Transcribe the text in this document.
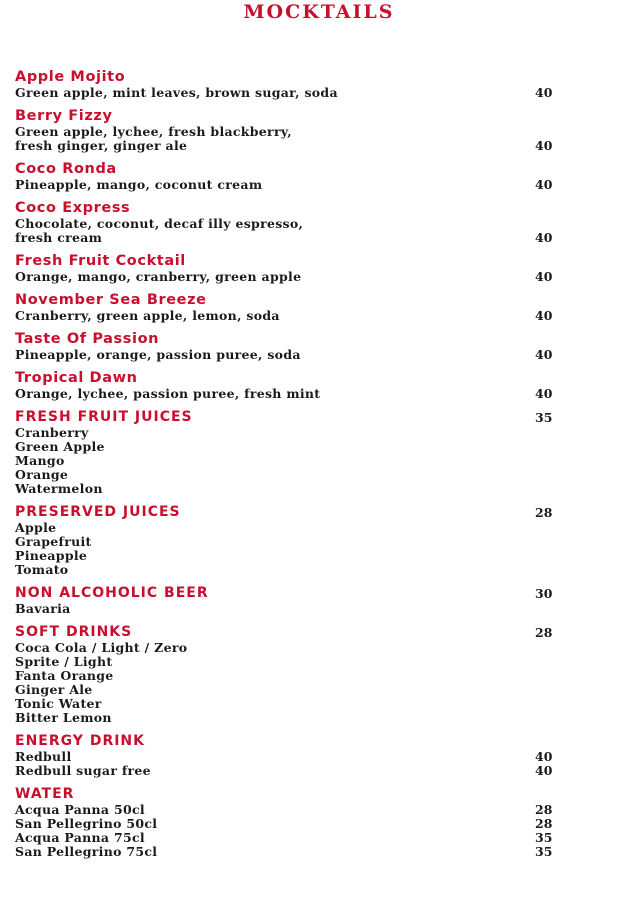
MOCKTAILS
Apple Mojito
Green apple, mint leaves, brown sugar, soda	40
Berry Fizzy
Green apple, lychee, fresh blackberry,
fresh ginger, ginger ale	40
Coco Ronda
Pineapple, mango, coconut cream	40
Coco Express
Chocolate, coconut, decaf illy espresso,
fresh cream	40
Fresh Fruit Cocktail
Orange, mango, cranberry, green apple	40
November Sea Breeze
Cranberry, green apple, lemon, soda	40
Taste Of Passion
Pineapple, orange, passion puree, soda	40
Tropical Dawn
Orange, lychee, passion puree, fresh mint	40
FRESH FRUIT JUICES	35
Cranberry
Green Apple
Mango
Orange
Watermelon
PRESERVED JUICES	28
Apple
Grapefruit
Pineapple
Tomato
NON ALCOHOLIC BEER	30
Bavaria
SOFT DRINKS	28
Coca Cola / Light / Zero
Sprite / Light
Fanta Orange
Ginger Ale
Tonic Water
Bitter Lemon
ENERGY DRINK
Redbull	40
Redbull sugar free	40
WATER
Acqua Panna 50cl	28
San Pellegrino 50cl	28
Acqua Panna 75cl	35
San Pellegrino 75cl	35
